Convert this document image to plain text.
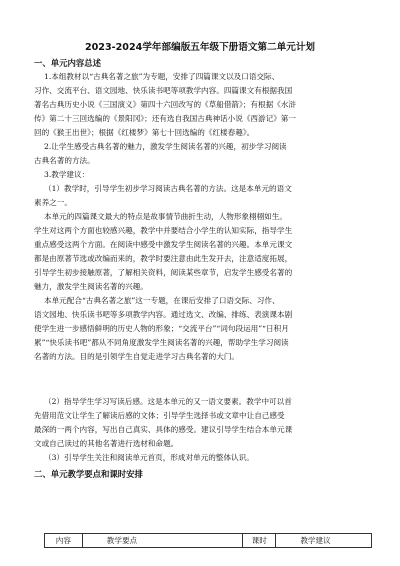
2023-2024学年部编版五年级下册语文第二单元计划
一、单元内容总述
1.本组教材以“古典名著之旅”为专题，安排了四篇课文以及口语交际、
习作、交流平台、语文园地、快乐读书吧等项教学内容。四篇课文有根据我国
著名古典历史小说《三国演义》第四十六回改写的《草船借箭》；有根据《水浒
传》第二十三回选编的《景阳冈》；还有选自我国古典神话小说《西游记》第一
回的《猴王出世》；根据《红楼梦》第七十回选编的《红楼春趣》。
2.让学生感受古典名著的魅力，激发学生阅读名著的兴趣，初步学习阅读
古典名著的方法。
3.教学建议：
（1）教学时，引导学生初步学习阅读古典名著的方法。这是本单元的语文
素养之一。
本单元的四篇课文最大的特点是故事情节曲折生动，人物形象栩栩如生。
学生对这两个方面也较感兴趣，教学中并要结合小学生的认知实际，指导学生
重点感受这两个方面。在阅读中感受中激发学生阅读名著的兴趣。本单元课文
都是由原著节选或改编而来的，教学时要注意由此生发开去，注意适度拓展，
引导学生初步接触原著，了解相关资料，阅读某些章节，启发学生感受名著的
魅力，激发学生阅读名著的兴趣。
本单元配合“古典名著之旅”这一专题，在课后安排了口语交际、习作、
语文园地、快乐读书吧等多项教学内容。通过选文、改编、排练、表演课本剧
使学生进一步感悟鲜明的历史人物的形象；“交流平台”“词句段运用”“日积月
累”“快乐读书吧”都从不同角度激发学生阅读名著的兴趣，帮助学生学习阅读
名著的方法。目的是引领学生自觉走进学习古典名著的大门。
（2）指导学生学习写读后感。这是本单元的又一语文要素。教学中可以首
先借用范文让学生了解读后感的文体；引导学生选择书或文章中让自己感受
最深的一两个内容，写出自己真实、具体的感受。建议引导学生结合本单元课
文或自己读过的其他名著进行选材和命题。
（3）引导学生关注和阅读单元首页，形成对单元的整体认识。
二、单元教学要点和课时安排
内容	教学要点	课时	教学建议
